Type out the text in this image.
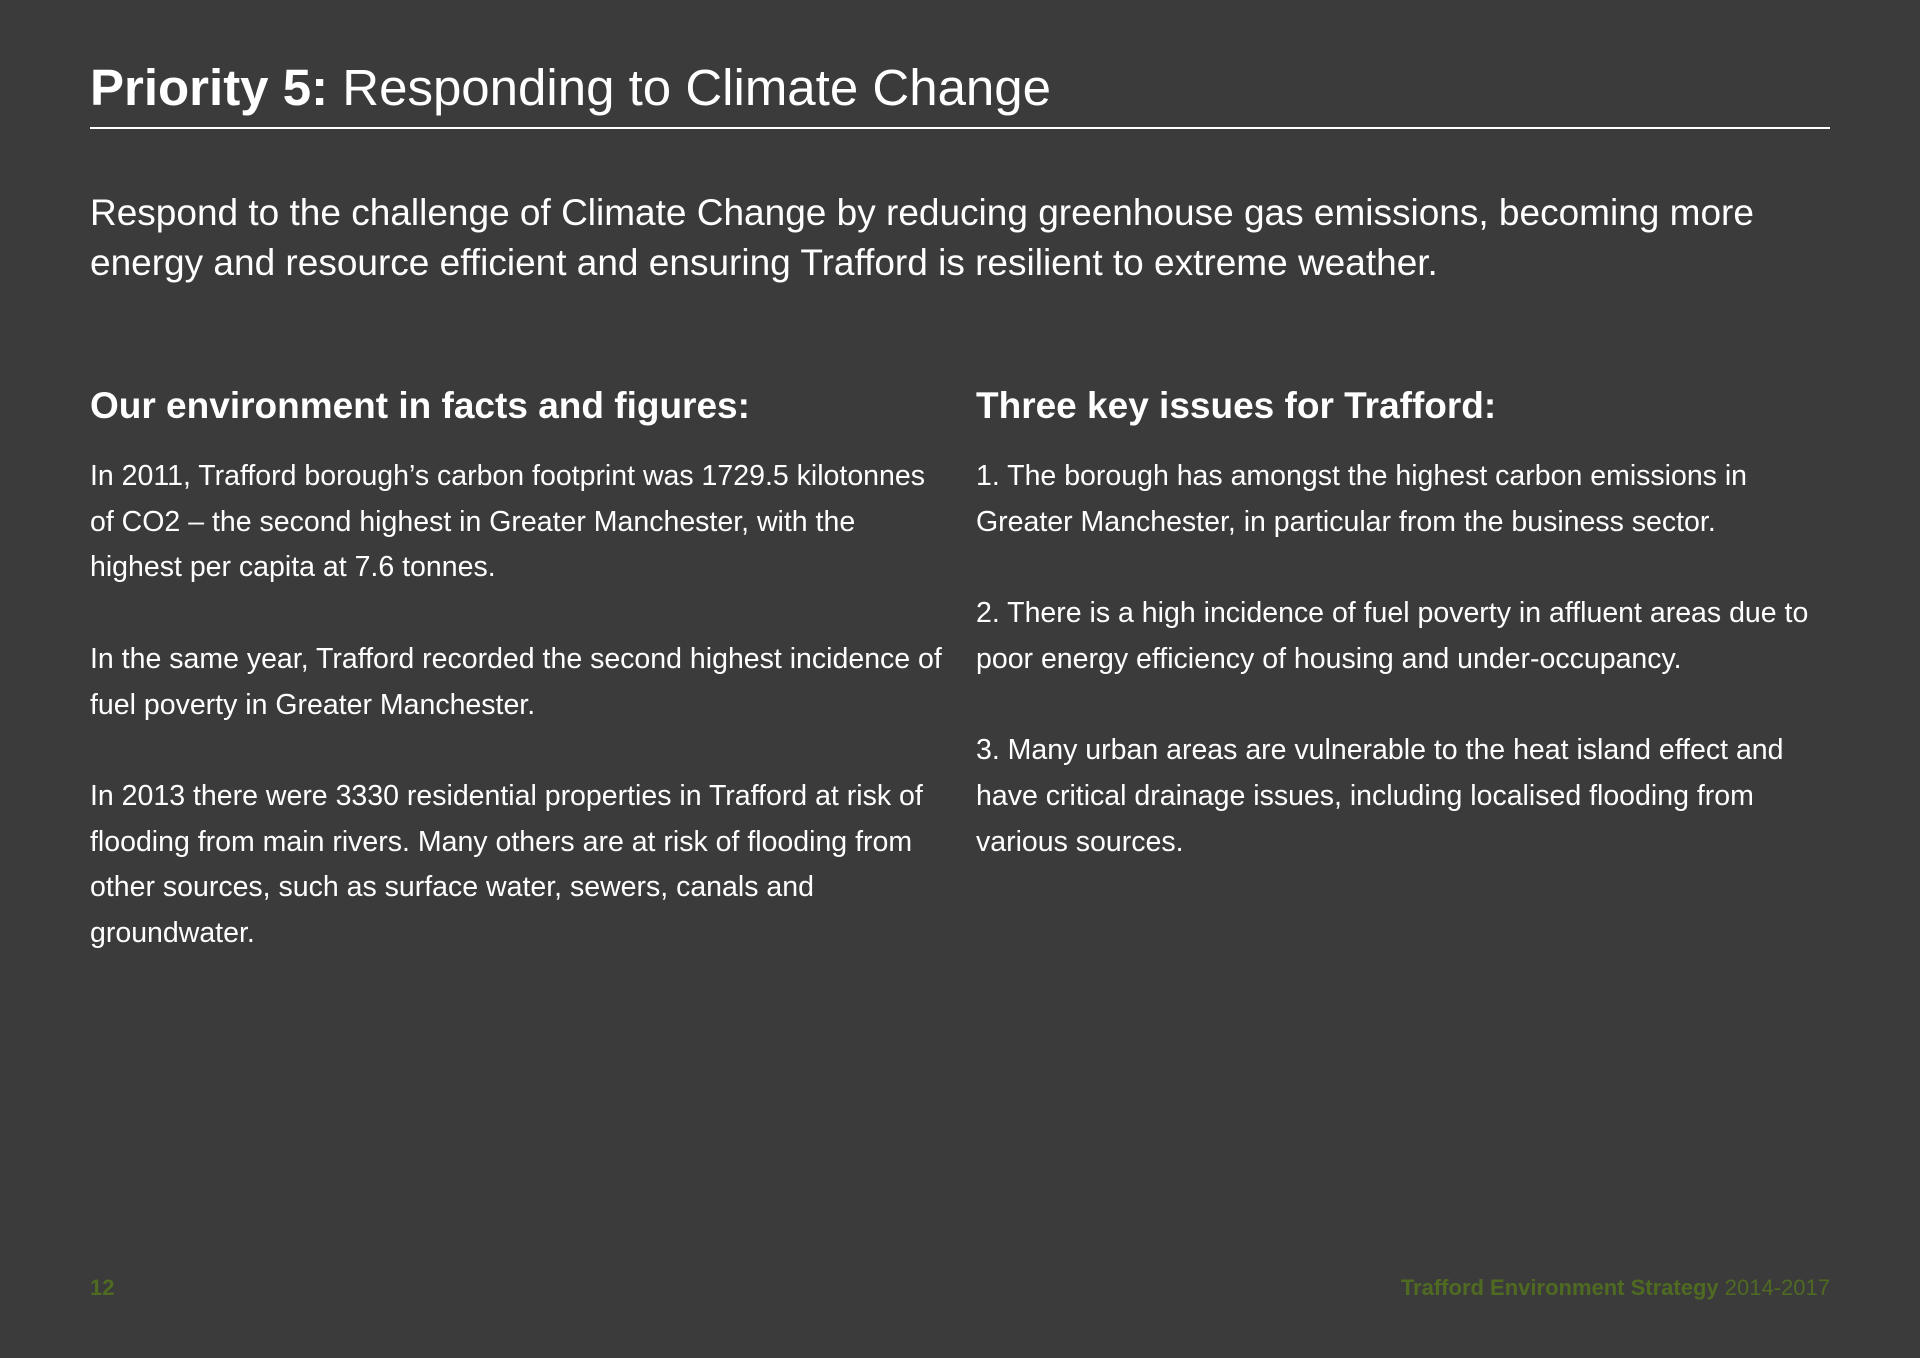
Priority 5: Responding to Climate Change

Respond to the challenge of Climate Change by reducing greenhouse gas emissions, becoming more energy and resource efficient and ensuring Trafford is resilient to extreme weather.

Our environment in facts and figures:

In 2011, Trafford borough’s carbon footprint was 1729.5 kilotonnes of CO2 – the second highest in Greater Manchester, with the highest per capita at 7.6 tonnes.

In the same year, Trafford recorded the second highest incidence of fuel poverty in Greater Manchester.

In 2013 there were 3330 residential properties in Trafford at risk of flooding from main rivers. Many others are at risk of flooding from other sources, such as surface water, sewers, canals and groundwater.

Three key issues for Trafford:

1. The borough has amongst the highest carbon emissions in Greater Manchester, in particular from the business sector.

2. There is a high incidence of fuel poverty in affluent areas due to poor energy efficiency of housing and under-occupancy.

3. Many urban areas are vulnerable to the heat island effect and have critical drainage issues, including localised flooding from various sources.

12	Trafford Environment Strategy 2014-2017
